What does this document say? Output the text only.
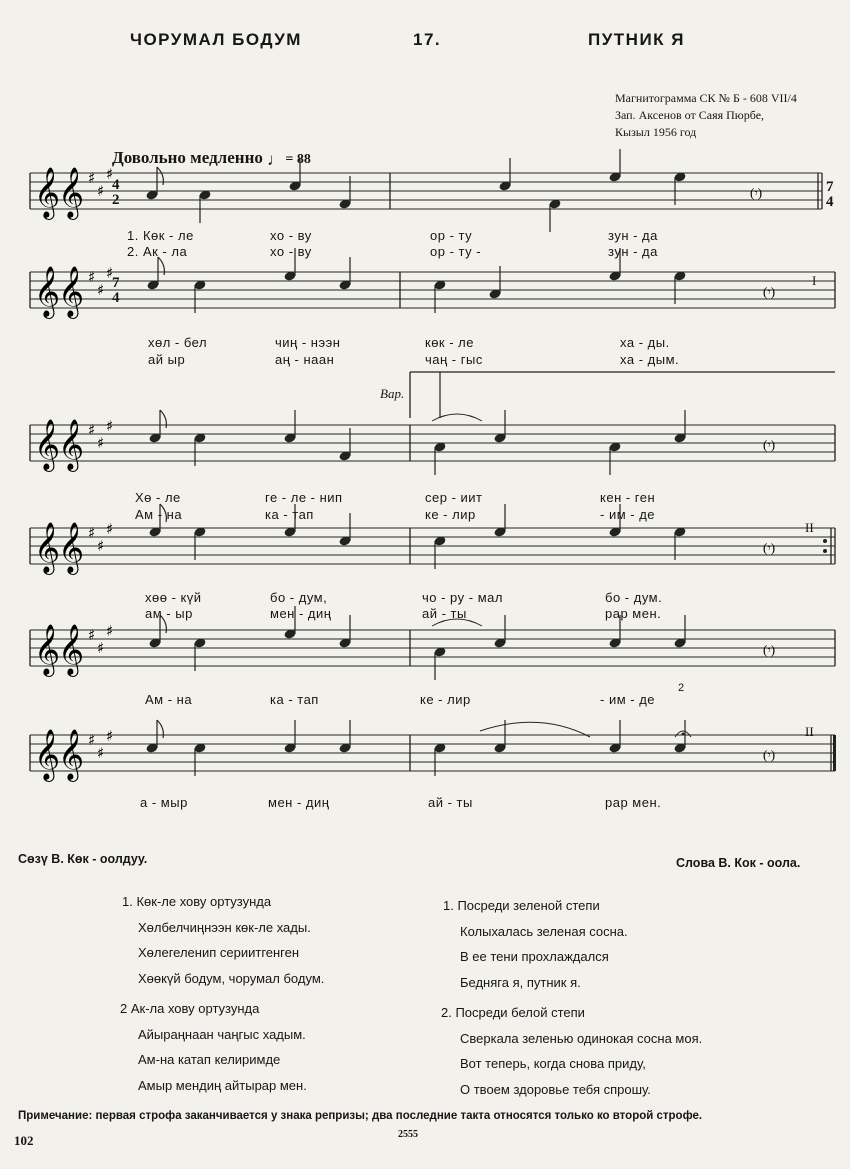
ЧОРУМАЛ БОДУМ	17.	ПУТНИК Я
Магнитограмма СК № Б - 608 VII/4
Зап. Аксенов от Саяя Пюрбе,
Кызыл 1956 год
Довольно медленно ♩ = 88
𝄞
𝄞 ♯
♯
♯
(𝄾)
𝄞
𝄞 ♯
♯
♯
(𝄾)
𝄞
𝄞 ♯
♯
♯
(𝄾)
𝄞
𝄞 ♯
♯
♯
(𝄾)
𝄞
𝄞 ♯
♯
♯
(𝄾)
𝄞
𝄞 ♯
♯
♯
(𝄾)
4
2
7
4
7
4
I
Вар.
II
II
1. Көк - ле	хо - ву	ор - ту	зун - да
2. Ак - ла	хо - ву	ор - ту -	зун - да
хөл - бел	чиң - нээн	көк - ле	ха - ды.
ай ыр	аң - наан	чаң - гыс	ха - дым.
Хө - ле	ге - ле - нип	сер - иит	кен - ген
Ам - на	ка - тап	ке - лир	- им - де
хөө - күй	бо - дум,	чо - ру - мал	бо - дум.
ам - ыр	мен - диң	ай - ты	рар мен.
Ам - на	ка - тап	ке - лир	- им - де
2
а - мыр	мен - диң	ай - ты	рар мен.
Сөзү В. Көк - оолдуу.	Слова В. Кок - оола.
1. Көк-ле хову ортузунда
Хөлбелчиңнээн көк-ле хады.
Хөлегеленип сериитгенген
Хөөкүй бодум, чорумал бодум.
2 Ак-ла хову ортузунда
Айыраңнаан чаңгыс хадым.
Ам-на катап келиримде
Амыр мендиң айтырар мен.
1. Посреди зеленой степи
Колыхалась зеленая сосна.
В ее тени прохлаждался
Бедняга я, путник я.
2. Посреди белой степи
Сверкала зеленью одинокая сосна моя.
Вот теперь, когда снова приду,
О твоем здоровье тебя спрошу.
Примечание: первая строфа заканчивается у знака репризы; два последние такта относятся только ко второй строфе.
102	2555
